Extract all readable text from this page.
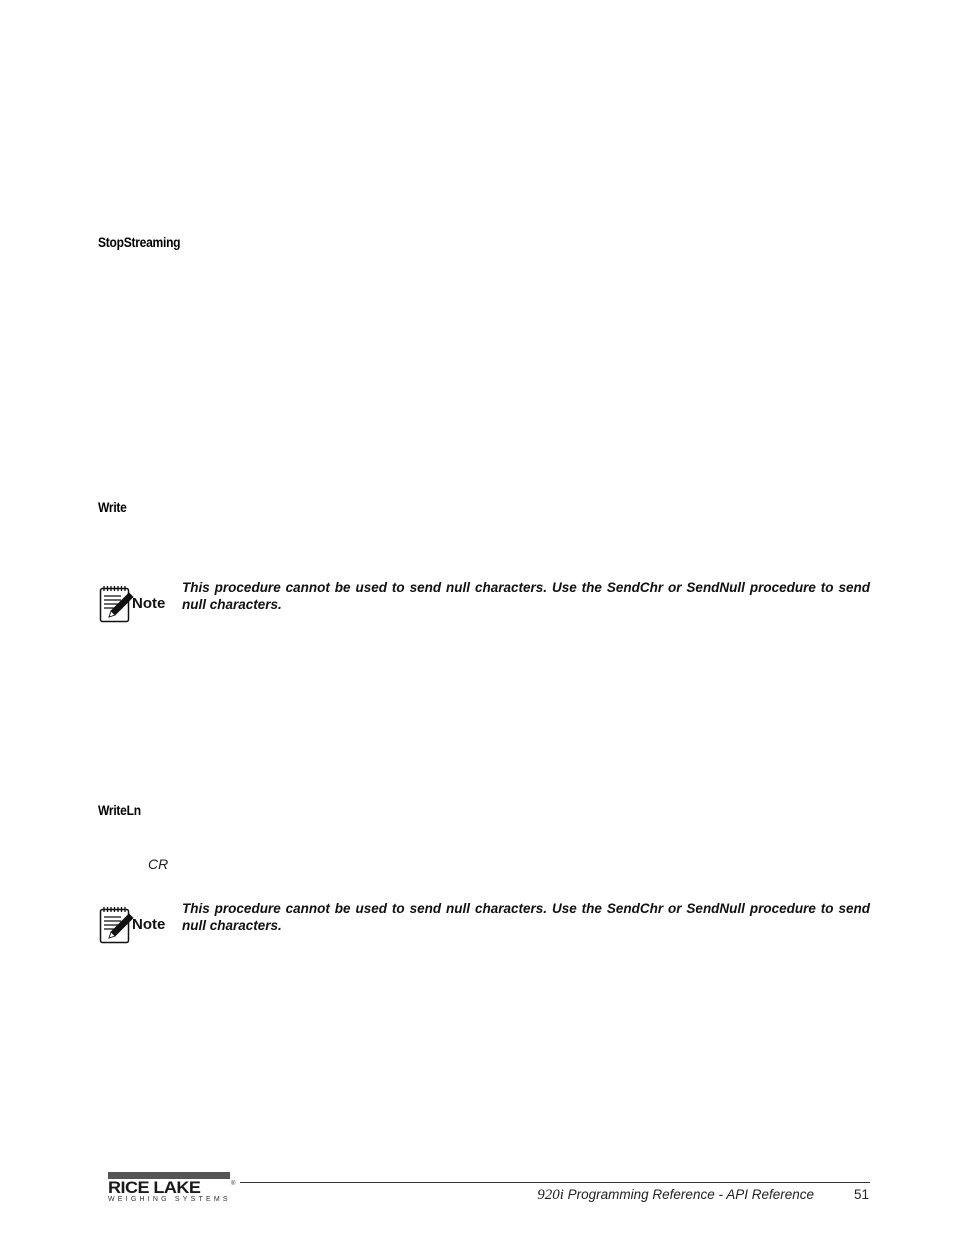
StopStreaming
Write
Note

This procedure cannot be used to send null characters. Use the SendChr or SendNull procedure to send null characters.

WriteLn

CR

Note

This procedure cannot be used to send null characters. Use the SendChr or SendNull procedure to send null characters.

RICE LAKE	®
WEIGHING SYSTEMS	920i Programming Reference - API Reference	51
